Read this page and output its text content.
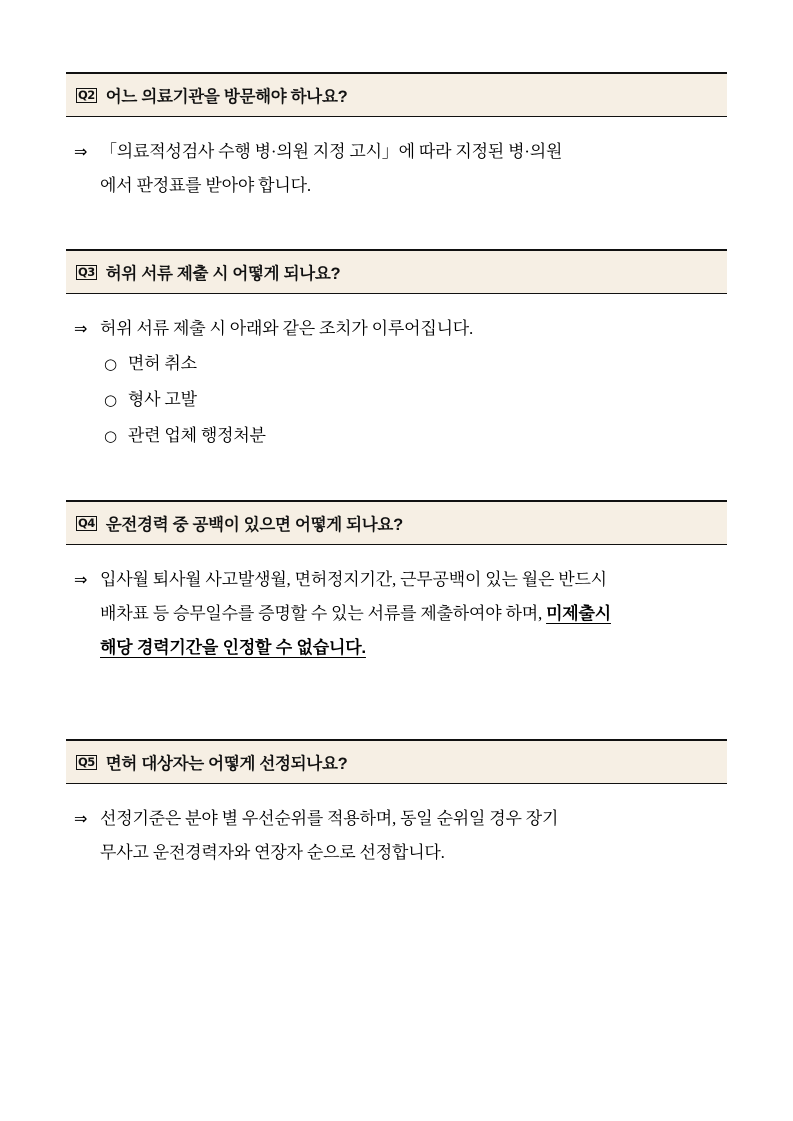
Q2 어느 의료기관을 방문해야 하나요?
⇒ 「의료적성검사 수행 병·의원 지정 고시」에 따라 지정된 병·의원
에서 판정표를 받아야 합니다.
Q3 허위 서류 제출 시 어떻게 되나요?
⇒ 허위 서류 제출 시 아래와 같은 조치가 이루어집니다.
○ 면허 취소
○ 형사 고발
○ 관련 업체 행정처분
Q4 운전경력 중 공백이 있으면 어떻게 되나요?
⇒ 입사월 퇴사월 사고발생월, 면허정지기간, 근무공백이 있는 월은 반드시
배차표 등 승무일수를 증명할 수 있는 서류를 제출하여야 하며, 미제출시
해당 경력기간을 인정할 수 없습니다.
Q5 면허 대상자는 어떻게 선정되나요?
⇒ 선정기준은 분야 별 우선순위를 적용하며, 동일 순위일 경우 장기
무사고 운전경력자와 연장자 순으로 선정합니다.
